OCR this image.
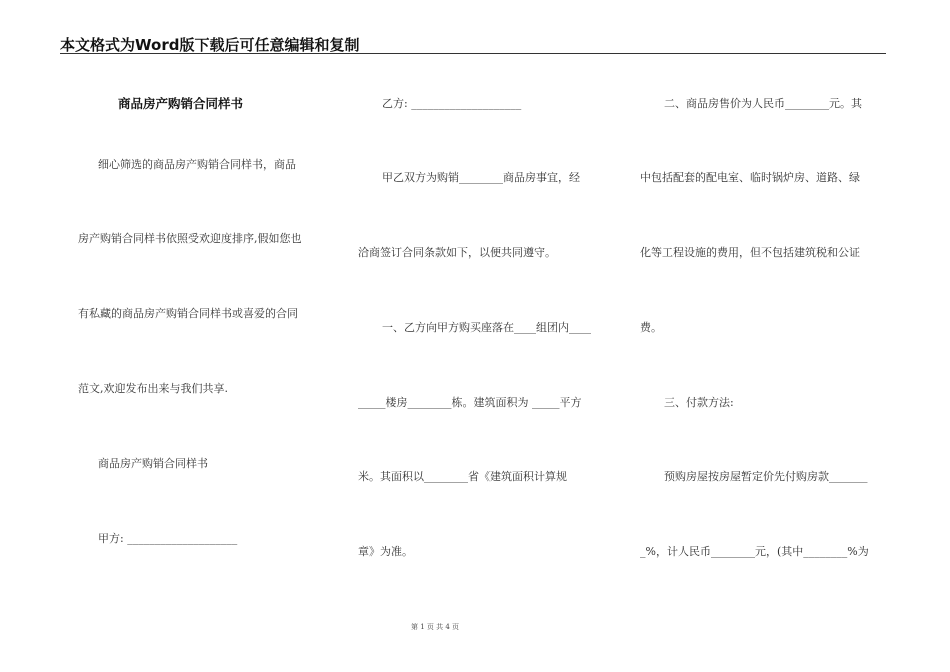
本文格式为Word版下载后可任意编辑和复制
商品房产购销合同样书
细心筛选的商品房产购销合同样书，商品
房产购销合同样书依照受欢迎度排序,假如您也
有私藏的商品房产购销合同样书或喜爱的合同
范文,欢迎发布出来与我们共享.
商品房产购销合同样书
甲方: ____________________
乙方: ____________________
甲乙双方为购销________商品房事宜，经
洽商签订合同条款如下，以便共同遵守。
一、乙方向甲方购买座落在____组团内____
_____楼房________栋。建筑面积为 _____平方
米。其面积以________省《建筑面积计算规
章》为准。
二、商品房售价为人民币________元。其
中包括配套的配电室、临时锅炉房、道路、绿
化等工程设施的费用，但不包括建筑税和公证
费。
三、付款方法:
预购房屋按房屋暂定价先付购房款_______
_%，计人民币________元，(其中________%为
第 1 页 共 4 页
